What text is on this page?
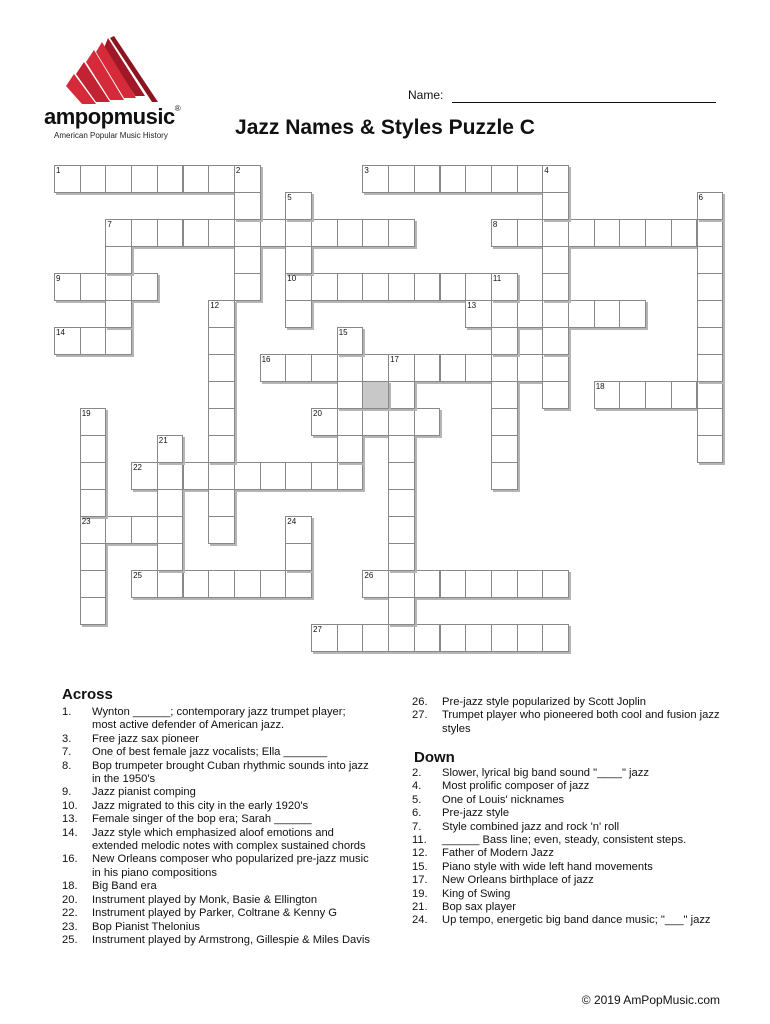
ampopmusic®
American Popular Music History
Name:
Jazz Names & Styles Puzzle C
1	2	3	4
5	6
7	8
9	10	11
12	13
14	15
16	17
18
19	20
21
22
23	24
25	26
27
Across
1. Wynton ______; contemporary jazz trumpet player; most active defender of American jazz.
3. Free jazz sax pioneer
7. One of best female jazz vocalists; Ella _______
8. Bop trumpeter brought Cuban rhythmic sounds into jazz in the 1950's
9. Jazz pianist comping
10. Jazz migrated to this city in the early 1920's
13. Female singer of the bop era; Sarah ______
14. Jazz style which emphasized aloof emotions and extended melodic notes with complex sustained chords
16. New Orleans composer who popularized pre-jazz music in his piano compositions
18. Big Band era
20. Instrument played by Monk, Basie & Ellington
22. Instrument played by Parker, Coltrane & Kenny G
23. Bop Pianist Thelonius
25. Instrument played by Armstrong, Gillespie & Miles Davis
26. Pre-jazz style popularized by Scott Joplin
27. Trumpet player who pioneered both cool and fusion jazz styles
Down
2. Slower, lyrical big band sound "____" jazz
4. Most prolific composer of jazz
5. One of Louis' nicknames
6. Pre-jazz style
7. Style combined jazz and rock 'n' roll
11. ______ Bass line; even, steady, consistent steps.
12. Father of Modern Jazz
15. Piano style with wide left hand movements
17. New Orleans birthplace of jazz
19. King of Swing
21. Bop sax player
24. Up tempo, energetic big band dance music; "___" jazz
© 2019 AmPopMusic.com
